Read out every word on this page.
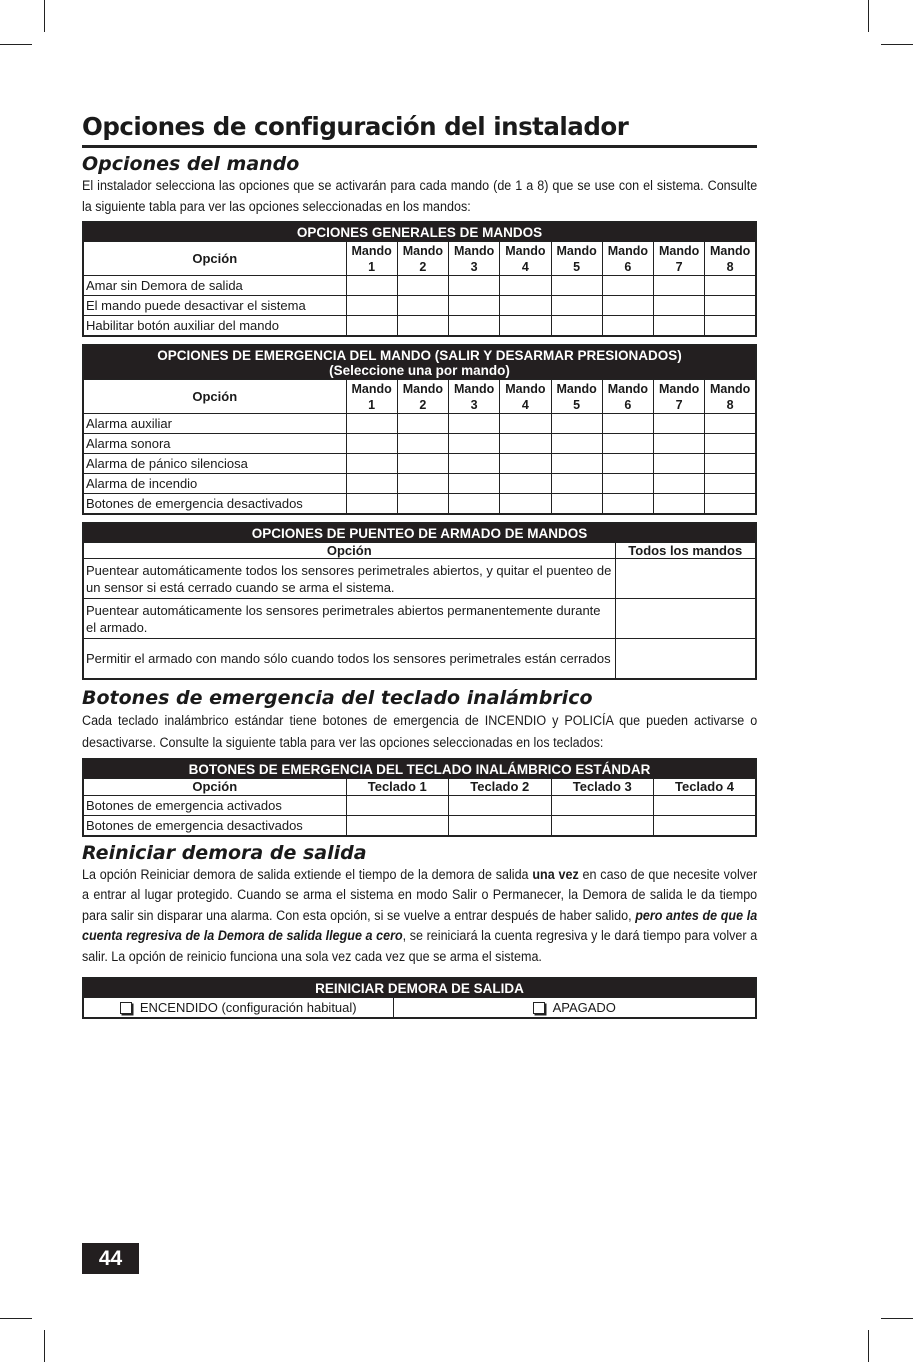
Opciones de configuración del instalador
Opciones del mando

El instalador selecciona las opciones que se activarán para cada mando (de 1 a 8) que se use con el sistema. Consulte la siguiente tabla para ver las opciones seleccionadas en los mandos:

OPCIONES GENERALES DE MANDOS								
Opción	Mando 1	Mando 2	Mando 3	Mando 4	Mando 5	Mando 6	Mando 7	Mando 8
Amar sin Demora de salida								
El mando puede desactivar el sistema								
Habilitar botón auxiliar del mando								
OPCIONES DE EMERGENCIA DEL MANDO (SALIR Y DESARMAR PRESIONADOS)
(Seleccione una por mando)								

Opción	Mando 1	Mando 2	Mando 3	Mando 4	Mando 5	Mando 6	Mando 7	Mando 8
Alarma auxiliar								
Alarma sonora								
Alarma de pánico silenciosa								
Alarma de incendio								
Botones de emergencia desactivados								
OPCIONES DE PUENTEO DE ARMADO DE MANDOS	
Opción	Todos los mandos
Puentear automáticamente todos los sensores perimetrales abiertos, y quitar el puenteo de un sensor si está cerrado cuando se arma el sistema.	
Puentear automáticamente los sensores perimetrales abiertos permanentemente durante el armado.	
Permitir el armado con mando sólo cuando todos los sensores perimetrales están cerrados	
Botones de emergencia del teclado inalámbrico

Cada teclado inalámbrico estándar tiene botones de emergencia de INCENDIO y POLICÍA que pueden activarse o desactivarse. Consulte la siguiente tabla para ver las opciones seleccionadas en los teclados:

BOTONES DE EMERGENCIA DEL TECLADO INALÁMBRICO ESTÁNDAR				
Opción	Teclado 1	Teclado 2	Teclado 3	Teclado 4
Botones de emergencia activados				
Botones de emergencia desactivados				
Reiniciar demora de salida

La opción Reiniciar demora de salida extiende el tiempo de la demora de salida una vez en caso de que necesite volver a entrar al lugar protegido. Cuando se arma el sistema en modo Salir o Permanecer, la Demora de salida le da tiempo para salir sin disparar una alarma. Con esta opción, si se vuelve a entrar después de haber salido, pero antes de que la cuenta regresiva de la Demora de salida llegue a cero, se reiniciará la cuenta regresiva y le dará tiempo para volver a salir. La opción de reinicio funciona una sola vez cada vez que se arma el sistema.

REINICIAR DEMORA DE SALIDA
ENCENDIDO (configuración habitual)	APAGADO
44
